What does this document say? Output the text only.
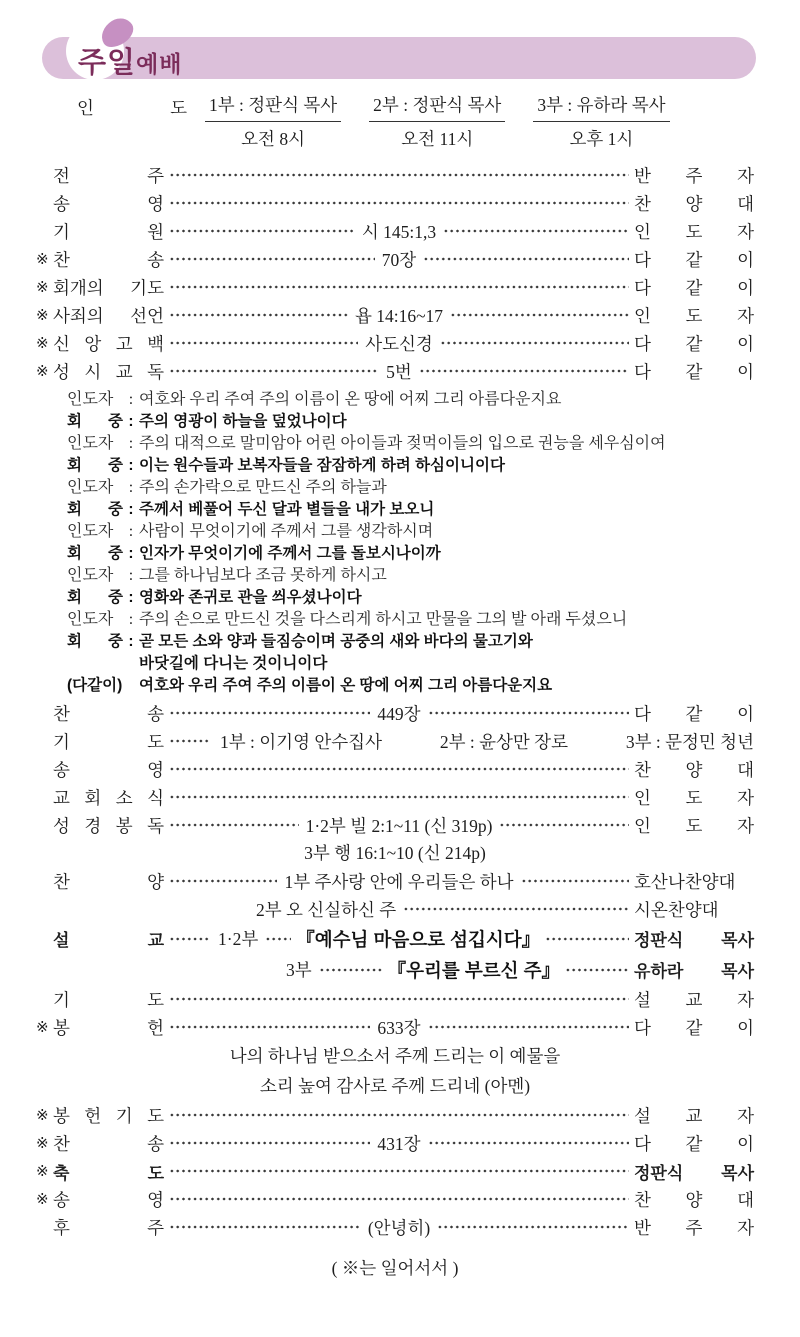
주일예배
인 도 1부 : 정판식 목사
오전 8시
2부 : 정판식 목사
오전 11시
3부 : 유하라 목사
오후 1시
전 주	반 주 자
송 영	찬 양 대
기 원	시 145:1,3	인 도 자
※ 찬 송	70장	다 같 이
※ 회개의 기도	다 같 이
※ 사죄의 선언	욥 14:16~17	인 도 자
※ 신 앙 고 백	사도신경	다 같 이
※ 성 시 교 독	5번	다 같 이
인도자 : 여호와 우리 주여 주의 이름이 온 땅에 어찌 그리 아름다운지요
회 중 : 주의 영광이 하늘을 덮었나이다
인도자 : 주의 대적으로 말미암아 어린 아이들과 젖먹이들의 입으로 권능을 세우심이여
회 중 : 이는 원수들과 보복자들을 잠잠하게 하려 하심이니이다
인도자 : 주의 손가락으로 만드신 주의 하늘과
회 중 : 주께서 베풀어 두신 달과 별들을 내가 보오니
인도자 : 사람이 무엇이기에 주께서 그를 생각하시며
회 중 : 인자가 무엇이기에 주께서 그를 돌보시나이까
인도자 : 그를 하나님보다 조금 못하게 하시고
회 중 : 영화와 존귀로 관을 씌우셨나이다
인도자 : 주의 손으로 만드신 것을 다스리게 하시고 만물을 그의 발 아래 두셨으니
회 중 : 곧 모든 소와 양과 들짐승이며 공중의 새와 바다의 물고기와
바닷길에 다니는 것이니이다
(다같이) 여호와 우리 주여 주의 이름이 온 땅에 어찌 그리 아름다운지요
찬 송	449장	다 같 이
기 도	1부 : 이기영 안수집사	2부 : 윤상만 장로	3부 : 문정민 청년
송 영	찬 양 대
교 회 소 식	인 도 자
성 경 봉 독	1·2부 빌 2:1~11 (신 319p)	인 도 자
3부 행 16:1~10 (신 214p)
찬 양	1부 주사랑 안에 우리들은 하나	호산나찬양대
2부 오 신실하신 주	시온찬양대
설 교	1·2부 『예수님 마음으로 섬깁시다』	정판식 목사
3부	『우리를 부르신 주』	유하라 목사
기 도	설 교 자
※ 봉 헌	633장	다 같 이
나의 하나님 받으소서 주께 드리는 이 예물을
소리 높여 감사로 주께 드리네 (아멘)
※ 봉 헌 기 도	설 교 자
※ 찬 송	431장	다 같 이
※ 축 도	정판식 목사
※ 송 영	찬 양 대
후 주	(안녕히)	반 주 자
( ※는 일어서서 )
